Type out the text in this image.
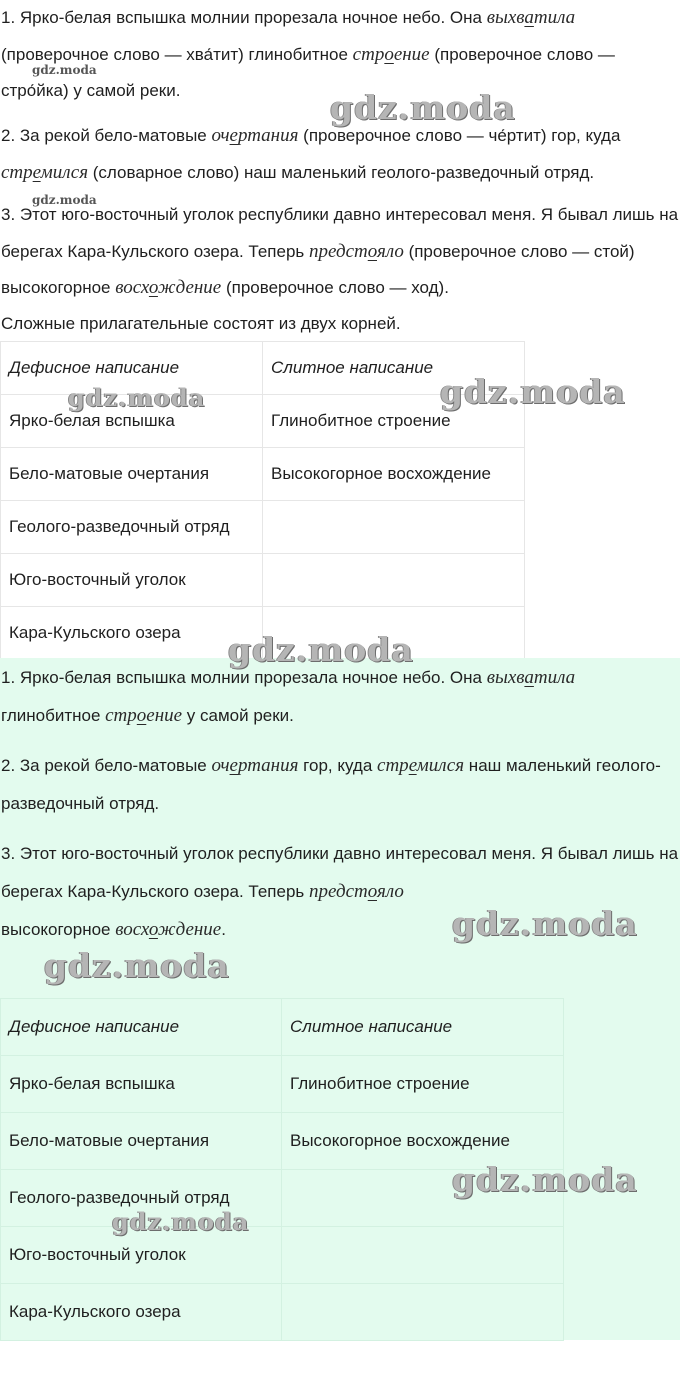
1. Ярко-белая вспышка молнии прорезала ночное небо. Она выхватила
(проверочное слово — хва́тит) глинобитное строение (проверочное слово — стро́йка) у самой реки.

2. За рекой бело-матовые очертания (проверочное слово — че́ртит) гор, куда
стремился (словарное слово) наш маленький геолого-разведочный отряд.

3. Этот юго-восточный уголок республики давно интересовал меня. Я бывал лишь на берегах Кара-Кульского озера. Теперь предстояло (проверочное слово — стой) высокогорное восхождение (проверочное слово — ход).

Сложные прилагательные состоят из двух корней.

Дефисное написание	Слитное написание
Ярко-белая вспышка	Глинобитное строение
Бело-матовые очертания	Высокогорное восхождение
Геолого-разведочный отряд	
Юго-восточный уголок	
Кара-Кульского озера	

1. Ярко-белая вспышка молнии прорезала ночное небо. Она выхватила
глинобитное строение у самой реки.

2. За рекой бело-матовые очертания гор, куда стремился наш маленький геолого-разведочный отряд.

3. Этот юго-восточный уголок республики давно интересовал меня. Я бывал лишь на берегах Кара-Кульского озера. Теперь предстояло
высокогорное восхождение.

Дефисное написание	Слитное написание
Ярко-белая вспышка	Глинобитное строение
Бело-матовые очертания	Высокогорное восхождение
Геолого-разведочный отряд	
Юго-восточный уголок	
Кара-Кульского озера	
gdz.moda
gdz.moda
gdz.moda
gdz.moda	gdz.moda
gdz.moda
gdz.moda
gdz.moda
gdz.moda
gdz.moda
